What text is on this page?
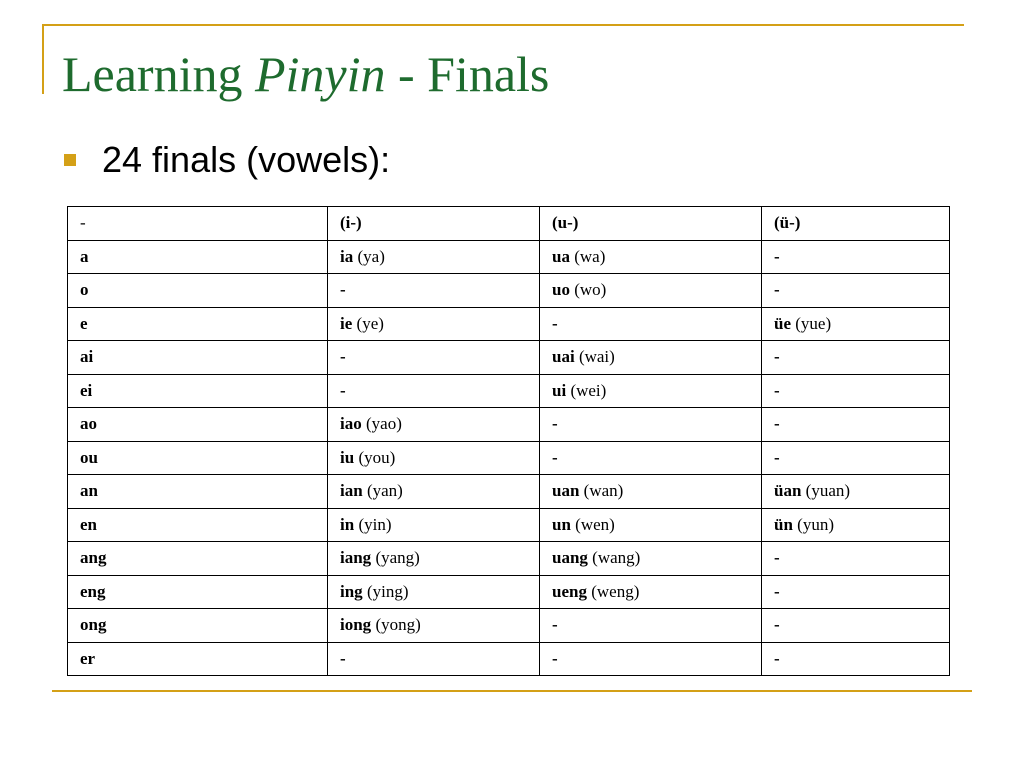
Learning Pinyin - Finals
24 finals (vowels):
-	(i-)	(u-)	(ü-)
a	ia (ya)	ua (wa)	-
o	-	uo (wo)	-
e	ie (ye)	-	üe (yue)
ai	-	uai (wai)	-
ei	-	ui (wei)	-
ao	iao (yao)	-	-
ou	iu (you)	-	-
an	ian (yan)	uan (wan)	üan (yuan)
en	in (yin)	un (wen)	ün (yun)
ang	iang (yang)	uang (wang)	-
eng	ing (ying)	ueng (weng)	-
ong	iong (yong)	-	-
er	-	-	-
